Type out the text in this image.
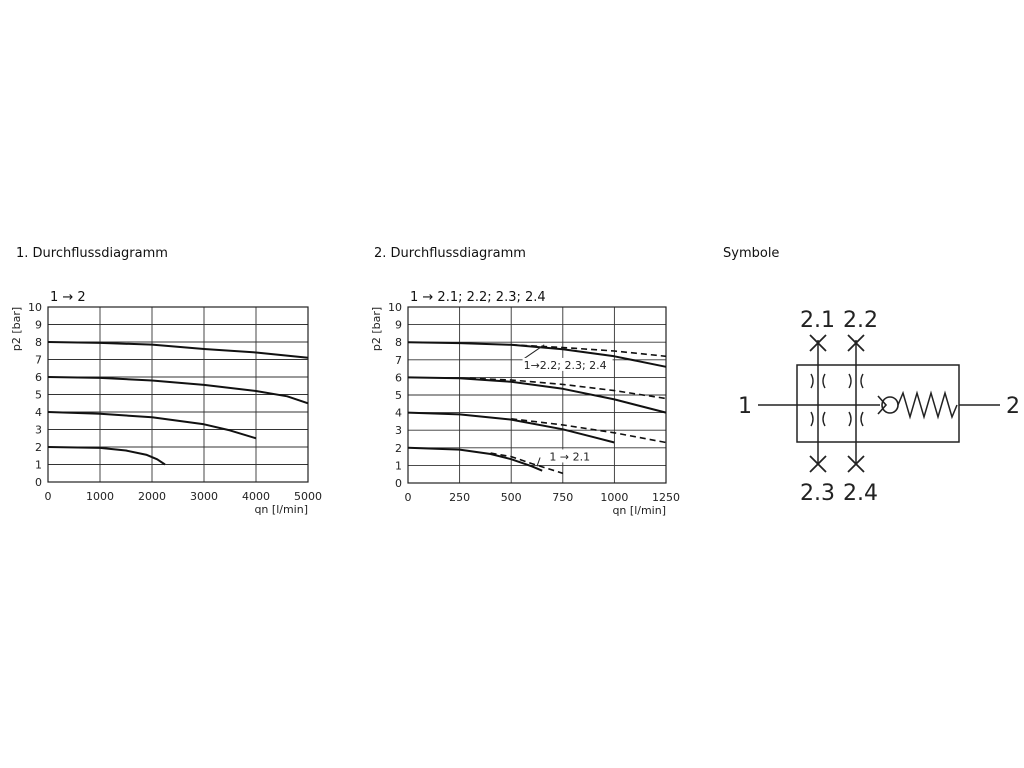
1. Durchflussdiagramm	2. Durchflussdiagramm	Symbole
0
1
2
3
4
5
6
7
8
9
10
0	1000 2000 3000 4000 5000
1 → 2
qn [l/min]
p2 [bar]
0
1
2
3
4
5
6
7
8
9
10
0	250	500	750 1000 1250
1 → 2.1; 2.2; 2.3; 2.4
qn [l/min]
p2 [bar]
1→2.2; 2.3; 2.4
1 → 2.1
2.1 2.2
2.3 2.4
1	2
